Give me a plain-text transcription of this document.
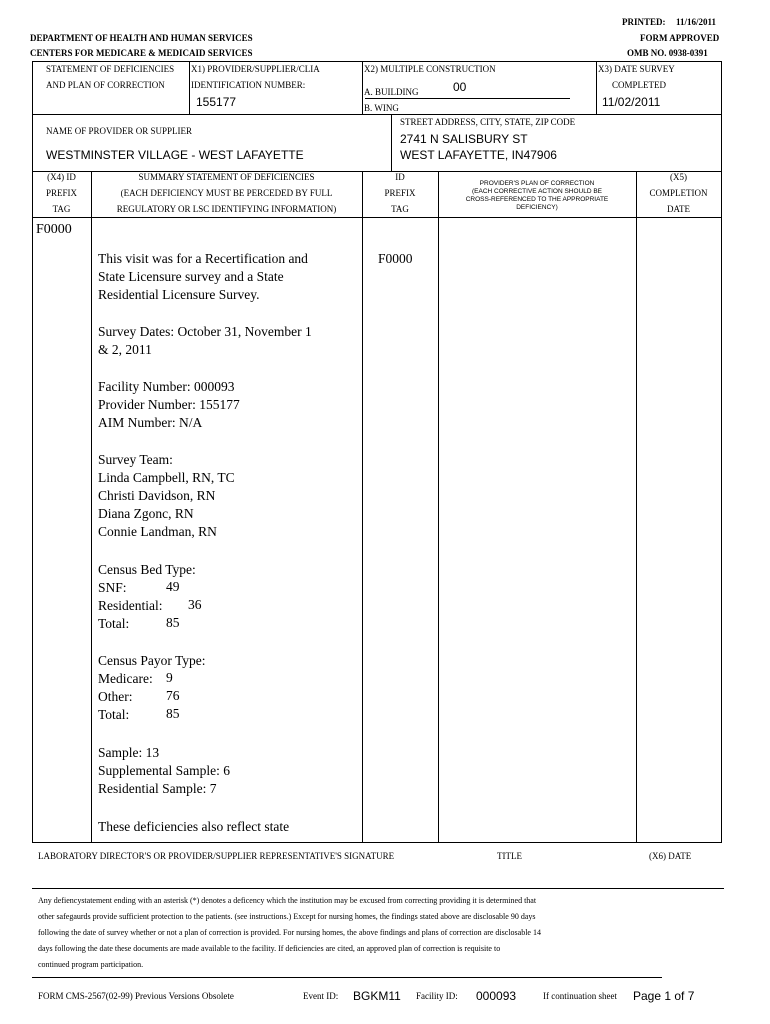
PRINTED: 11/16/2011
DEPARTMENT OF HEALTH AND HUMAN SERVICES	FORM APPROVED
CENTERS FOR MEDICARE & MEDICAID SERVICES	OMB NO. 0938-0391
STATEMENT OF DEFICIENCIES
AND PLAN OF CORRECTION
X1) PROVIDER/SUPPLIER/CLIA
IDENTIFICATION NUMBER:
155177
X2) MULTIPLE CONSTRUCTION
A. BUILDING	00
B. WING
X3) DATE SURVEY
COMPLETED
11/02/2011
NAME OF PROVIDER OR SUPPLIER
WESTMINSTER VILLAGE - WEST LAFAYETTE
STREET ADDRESS, CITY, STATE, ZIP CODE
2741 N SALISBURY ST
WEST LAFAYETTE, IN47906
(X4) ID
PREFIX
TAG
SUMMARY STATEMENT OF DEFICIENCIES
(EACH DEFICIENCY MUST BE PERCEDED BY FULL
REGULATORY OR LSC IDENTIFYING INFORMATION)
ID
PREFIX
TAG
PROVIDER'S PLAN OF CORRECTION
(EACH CORRECTIVE ACTION SHOULD BE
CROSS-REFERENCED TO THE APPROPRIATE
DEFICIENCY)
(X5)
COMPLETION
DATE
F0000
F0000
This visit was for a Recertification and
State Licensure survey and a State
Residential Licensure Survey.
Survey Dates: October 31, November 1
& 2, 2011
Facility Number: 000093
Provider Number: 155177
AIM Number: N/A
Survey Team:
Linda Campbell, RN, TC
Christi Davidson, RN
Diana Zgonc, RN
Connie Landman, RN
Census Bed Type:
SNF:	49
Residential: 36
Total:	85
Census Payor Type:
Medicare: 9
Other: 76
Total:	85
Sample: 13
Supplemental Sample: 6
Residential Sample: 7
These deficiencies also reflect state
LABORATORY DIRECTOR'S OR PROVIDER/SUPPLIER REPRESENTATIVE'S SIGNATURE	TITLE	(X6) DATE
Any defiencystatement ending with an asterisk (*) denotes a deficency which the institution may be excused from correcting providing it is determined that
other safegaurds provide sufficient protection to the patients. (see instructions.) Except for nursing homes, the findings stated above are disclosable 90 days
following the date of survey whether or not a plan of correction is provided. For nursing homes, the above findings and plans of correction are disclosable 14
days following the date these documents are made available to the facility. If deficiencies are cited, an approved plan of correction is requisite to
continued program participation.
FORM CMS-2567(02-99) Previous Versions Obsolete	Event ID: BGKM11 Facility ID: 000093	If continuation sheet Page 1 of 7
